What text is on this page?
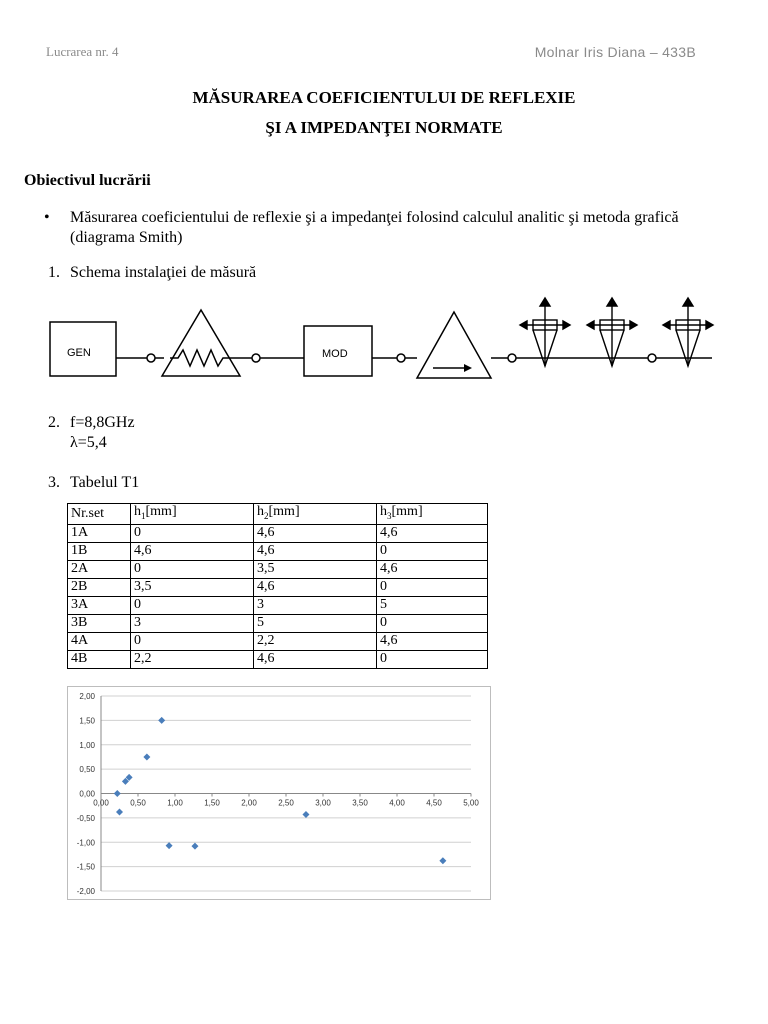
Lucrarea nr. 4	Molnar Iris Diana – 433B
MĂSURAREA COEFICIENTULUI DE REFLEXIE
ŞI A IMPEDANŢEI NORMATE
Obiectivul lucrării
• Măsurarea coeficientului de reflexie şi a impedanţei folosind calculul analitic şi metoda grafică (diagrama Smith)
1. Schema instalaţiei de măsură
GEN	MOD
2. f=8,8GHz
λ=5,4
3. Tabelul T1
Nr.set	$h_1[mm]$	$h_2[mm]$	$h_3[mm]$
1A	0	4,6	4,6
1B	4,6	4,6	0
2A	0	3,5	4,6
2B	3,5	4,6	0
3A	0	3	5
3B	3	5	0
4A	0	2,2	4,6
4B	2,2	4,6	0
2,00
1,50
1,00
0,50
0,00
-0,50
-1,00
-1,50
-2,00
0,00	0,50	1,00	1,50	2,00	2,50	3,00	3,50	4,00	4,50	5,00
